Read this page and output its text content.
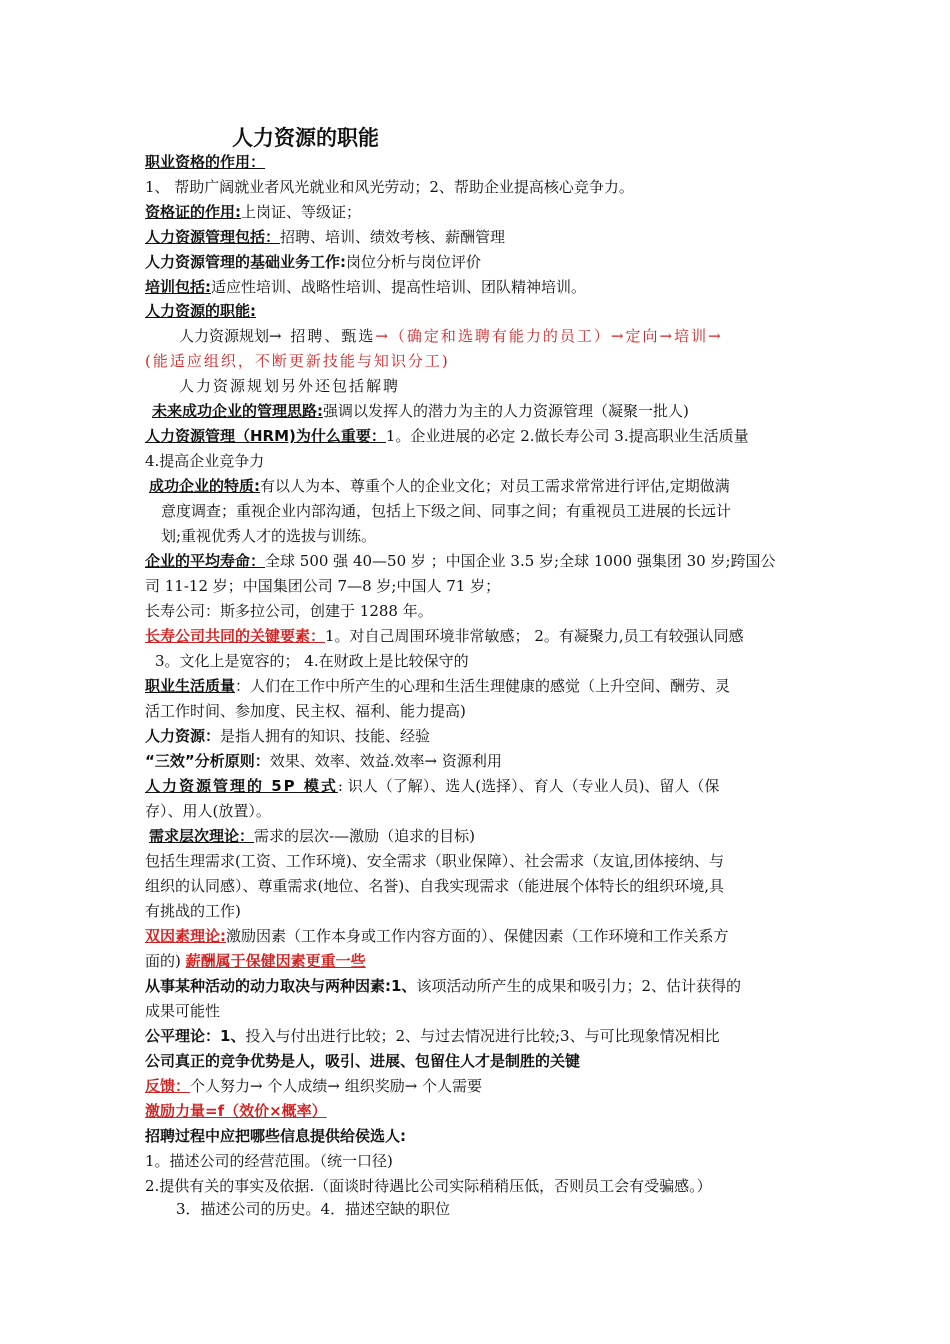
人力资源的职能
职业资格的作用：
1、 帮助广阔就业者风光就业和风光劳动；2、帮助企业提高核心竞争力。
资格证的作用:上岗证、等级证；
人力资源管理包括：招聘、培训、绩效考核、薪酬管理
人力资源管理的基础业务工作:岗位分析与岗位评价
培训包括:适应性培训、战略性培训、提高性培训、团队精神培训。
人力资源的职能:
人力资源规划→ 招聘、甄选→（确定和选聘有能力的员工）→定向→培训→
(能适应组织，不断更新技能与知识分工)
人力资源规划另外还包括解聘
未来成功企业的管理思路:强调以发挥人的潜力为主的人力资源管理（凝聚一批人)
人力资源管理（HRM)为什么重要：1。企业进展的必定 2.做长寿公司 3.提高职业生活质量
4.提高企业竞争力
成功企业的特质:有以人为本、尊重个人的企业文化；对员工需求常常进行评估,定期做满
意度调查；重视企业内部沟通，包括上下级之间、同事之间；有重视员工进展的长远计
划;重视优秀人才的选拔与训练。
企业的平均寿命：全球 500 强 40—50 岁 ；中国企业 3.5 岁;全球 1000 强集团 30 岁;跨国公
司 11-12 岁；中国集团公司 7—8 岁;中国人 71 岁；
长寿公司：斯多拉公司，创建于 1288 年。
长寿公司共同的关键要素：1。对自己周围环境非常敏感； 2。有凝聚力,员工有较强认同感
3。文化上是宽容的； 4.在财政上是比较保守的
职业生活质量：人们在工作中所产生的心理和生活生理健康的感觉（上升空间、酬劳、灵
活工作时间、参加度、民主权、福利、能力提高)
人力资源：是指人拥有的知识、技能、经验
“三效”分析原则：效果、效率、效益.效率→ 资源利用
人力资源管理的 5P 模式: 识人（了解）、选人(选择）、育人（专业人员)、留人（保
存）、用人(放置）。
需求层次理论：需求的层次-—激励（追求的目标)
包括生理需求(工资、工作环境)、安全需求（职业保障）、社会需求（友谊,团体接纳、与
组织的认同感）、尊重需求(地位、名誉)、自我实现需求（能进展个体特长的组织环境,具
有挑战的工作)
双因素理论:激励因素（工作本身或工作内容方面的）、保健因素（工作环境和工作关系方
面的) 薪酬属于保健因素更重一些
从事某种活动的动力取决与两种因素:1、该项活动所产生的成果和吸引力；2、估计获得的
成果可能性
公平理论：1、投入与付出进行比较；2、与过去情况进行比较;3、与可比现象情况相比
公司真正的竞争优势是人，吸引、进展、包留住人才是制胜的关键
反馈：个人努力→ 个人成绩→ 组织奖励→ 个人需要
激励力量=f（效价×概率）
招聘过程中应把哪些信息提供给侯选人:
1。描述公司的经营范围。（统一口径)
2.提供有关的事实及依据.（面谈时待遇比公司实际稍稍压低，否则员工会有受骗感。）
3．描述公司的历史。4．描述空缺的职位
